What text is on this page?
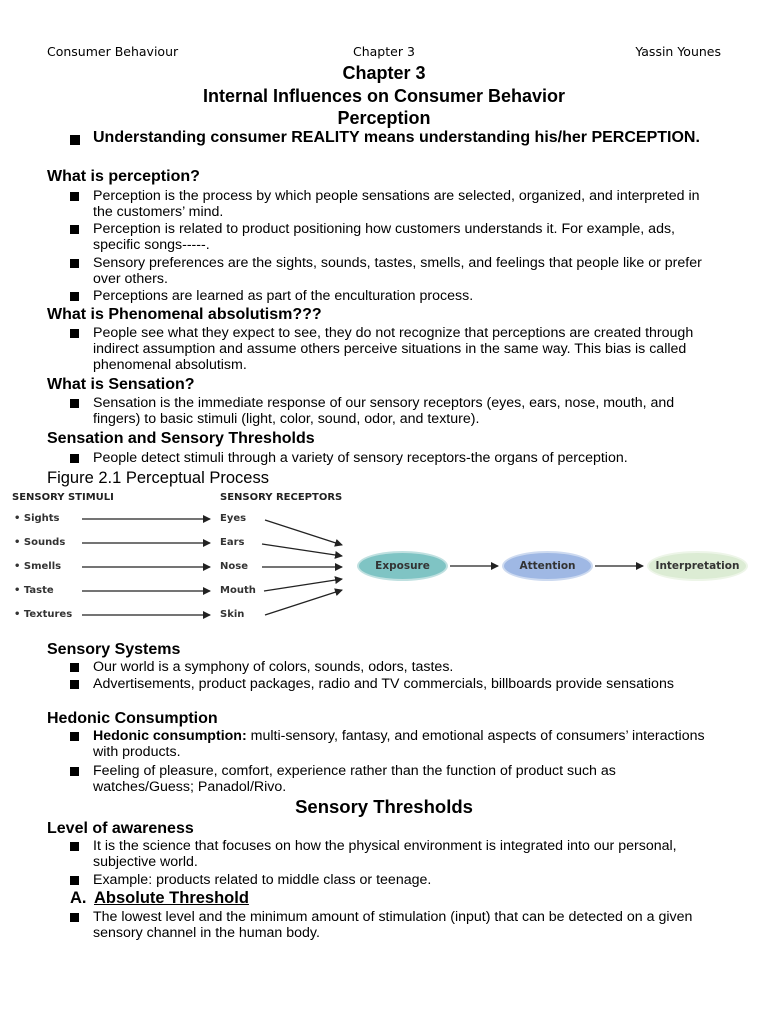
Consumer Behaviour	Chapter 3	Yassin Younes
Chapter 3
Internal Influences on Consumer Behavior
Perception
Understanding consumer REALITY means understanding his/her PERCEPTION.
What is perception?
Perception is the process by which people sensations are selected, organized, and interpreted in the customers’ mind.
Perception is related to product positioning how customers understands it. For example, ads, specific songs-----.
Sensory preferences are the sights, sounds, tastes, smells, and feelings that people like or prefer over others.
Perceptions are learned as part of the enculturation process.
What is Phenomenal absolutism???
People see what they expect to see, they do not recognize that perceptions are created through indirect assumption and assume others perceive situations in the same way. This bias is called phenomenal absolutism.
What is Sensation?
Sensation is the immediate response of our sensory receptors (eyes, ears, nose, mouth, and fingers) to basic stimuli (light, color, sound, odor, and texture).
Sensation and Sensory Thresholds
People detect stimuli through a variety of sensory receptors-the organs of perception.
Figure 2.1 Perceptual Process
SENSORY STIMULI	SENSORY RECEPTORS
• Sights
• Sounds
• Smells
• Taste
• Textures
Eyes
Ears
Nose
Mouth
Skin
Exposure	Attention	Interpretation
Sensory Systems
Our world is a symphony of colors, sounds, odors, tastes.
Advertisements, product packages, radio and TV commercials, billboards provide sensations
Hedonic Consumption
Hedonic consumption: multi-sensory, fantasy, and emotional aspects of consumers’ interactions with products.
Feeling of pleasure, comfort, experience rather than the function of product such as watches/Guess; Panadol/Rivo.
Sensory Thresholds
Level of awareness
It is the science that focuses on how the physical environment is integrated into our personal, subjective world.
Example: products related to middle class or teenage.
A. Absolute Threshold
The lowest level and the minimum amount of stimulation (input) that can be detected on a given sensory channel in the human body.
